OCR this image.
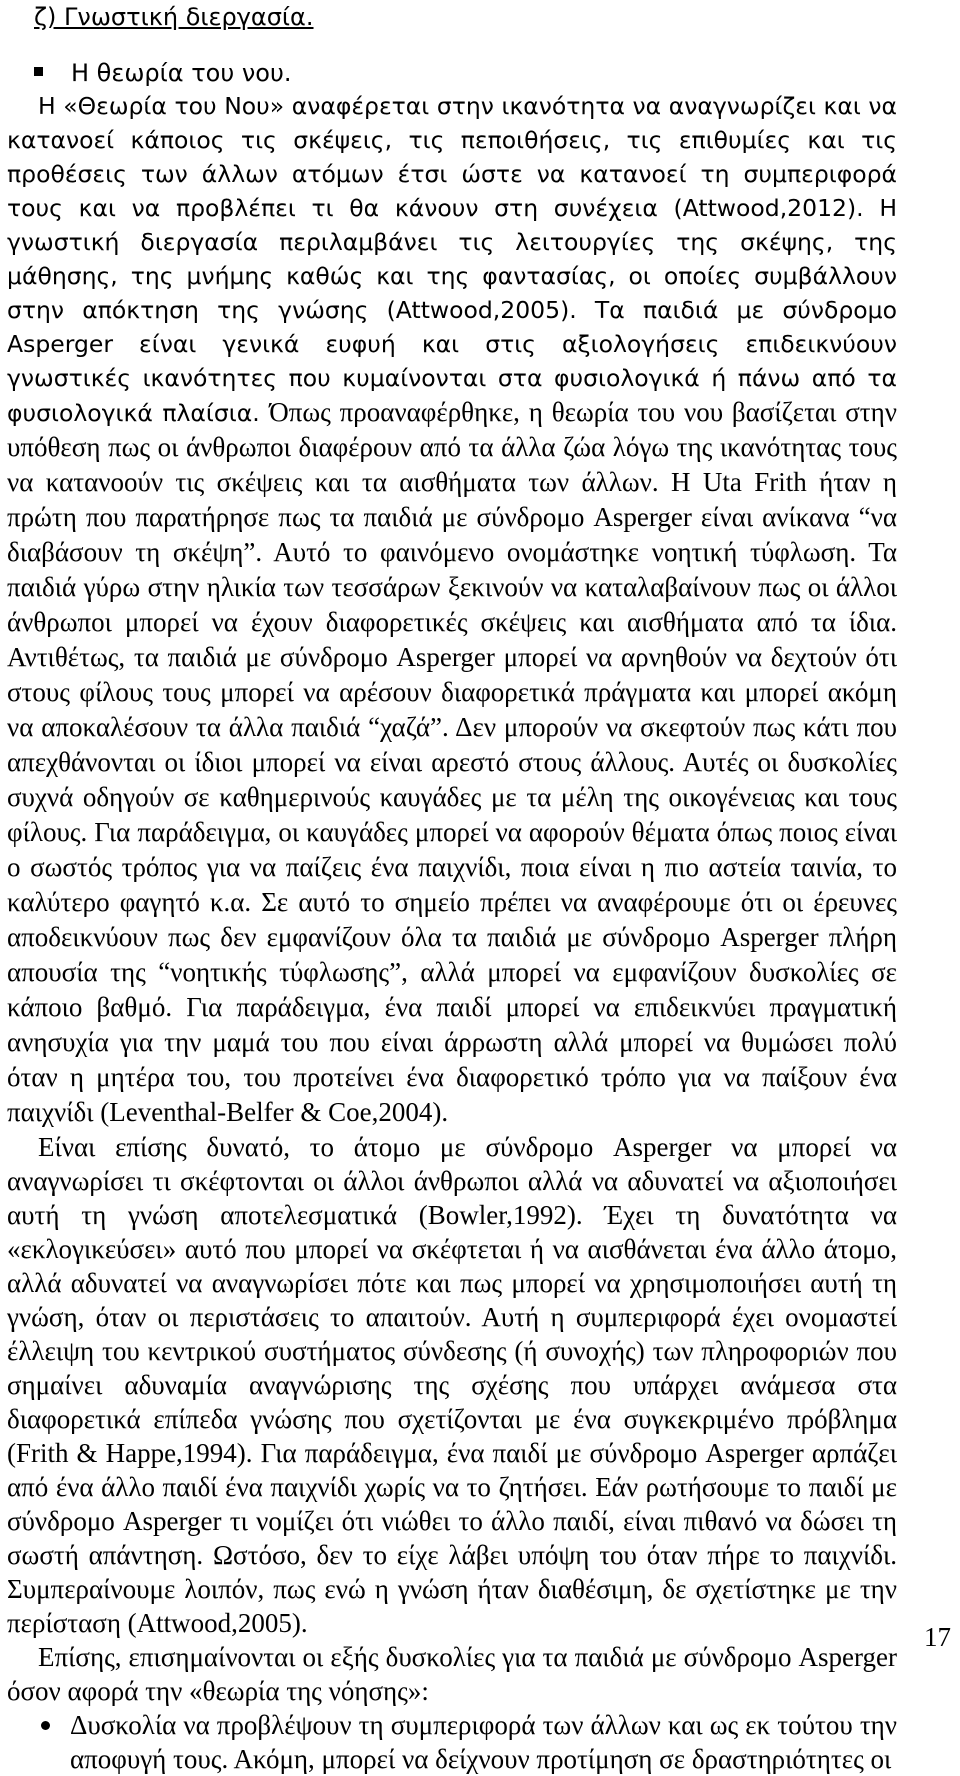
ζ) Γνωστική διεργασία.
Η θεωρία του νου.

Η «Θεωρία του Νου» αναφέρεται στην ικανότητα να αναγνωρίζει και να κατανοεί κάποιος τις σκέψεις, τις πεποιθήσεις, τις επιθυμίες και τις προθέσεις των άλλων ατόμων έτσι ώστε να κατανοεί τη συμπεριφορά τους και να προβλέπει τι θα κάνουν στη συνέχεια (Attwood,2012). Η γνωστική διεργασία περιλαμβάνει τις λειτουργίες της σκέψης, της μάθησης, της μνήμης καθώς και της φαντασίας, οι οποίες συμβάλλουν στην απόκτηση της γνώσης (Attwood,2005). Τα παιδιά με σύνδρομο Asperger είναι γενικά ευφυή και στις αξιολογήσεις επιδεικνύουν γνωστικές ικανότητες που κυμαίνονται στα φυσιολογικά ή πάνω από τα φυσιολογικά πλαίσια. Όπως προαναφέρθηκε, η θεωρία του νου βασίζεται στην υπόθεση πως οι άνθρωποι διαφέρουν από τα άλλα ζώα λόγω της ικανότητας τους να κατανοούν τις σκέψεις και τα αισθήματα των άλλων. Η Uta Frith ήταν η πρώτη που παρατήρησε πως τα παιδιά με σύνδρομο Asperger είναι ανίκανα “να διαβάσουν τη σκέψη”. Αυτό το φαινόμενο ονομάστηκε νοητική τύφλωση. Τα παιδιά γύρω στην ηλικία των τεσσάρων ξεκινούν να καταλαβαίνουν πως οι άλλοι άνθρωποι μπορεί να έχουν διαφορετικές σκέψεις και αισθήματα από τα ίδια. Αντιθέτως, τα παιδιά με σύνδρομο Asperger μπορεί να αρνηθούν να δεχτούν ότι στους φίλους τους μπορεί να αρέσουν διαφορετικά πράγματα και μπορεί ακόμη να αποκαλέσουν τα άλλα παιδιά “χαζά”. Δεν μπορούν να σκεφτούν πως κάτι που απεχθάνονται οι ίδιοι μπορεί να είναι αρεστό στους άλλους. Αυτές οι δυσκολίες συχνά οδηγούν σε καθημερινούς καυγάδες με τα μέλη της οικογένειας και τους φίλους. Για παράδειγμα, οι καυγάδες μπορεί να αφορούν θέματα όπως ποιος είναι ο σωστός τρόπος για να παίζεις ένα παιχνίδι, ποια είναι η πιο αστεία ταινία, το καλύτερο φαγητό κ.α. Σε αυτό το σημείο πρέπει να αναφέρουμε ότι οι έρευνες αποδεικνύουν πως δεν εμφανίζουν όλα τα παιδιά με σύνδρομο Asperger πλήρη απουσία της “νοητικής τύφλωσης”, αλλά μπορεί να εμφανίζουν δυσκολίες σε κάποιο βαθμό. Για παράδειγμα, ένα παιδί μπορεί να επιδεικνύει πραγματική ανησυχία για την μαμά του που είναι άρρωστη αλλά μπορεί να θυμώσει πολύ όταν η μητέρα του, του προτείνει ένα διαφορετικό τρόπο για να παίξουν ένα παιχνίδι (Leventhal-Belfer & Coe,2004).

Είναι επίσης δυνατό, το άτομο με σύνδρομο Asperger να μπορεί να αναγνωρίσει τι σκέφτονται οι άλλοι άνθρωποι αλλά να αδυνατεί να αξιοποιήσει αυτή τη γνώση αποτελεσματικά (Bowler,1992). Έχει τη δυνατότητα να «εκλογικεύσει» αυτό που μπορεί να σκέφτεται ή να αισθάνεται ένα άλλο άτομο, αλλά αδυνατεί να αναγνωρίσει πότε και πως μπορεί να χρησιμοποιήσει αυτή τη γνώση, όταν οι περιστάσεις το απαιτούν. Αυτή η συμπεριφορά έχει ονομαστεί έλλειψη του κεντρικού συστήματος σύνδεσης (ή συνοχής) των πληροφοριών που σημαίνει αδυναμία αναγνώρισης της σχέσης που υπάρχει ανάμεσα στα διαφορετικά επίπεδα γνώσης που σχετίζονται με ένα συγκεκριμένο πρόβλημα (Frith & Happe,1994). Για παράδειγμα, ένα παιδί με σύνδρομο Asperger αρπάζει από ένα άλλο παιδί ένα παιχνίδι χωρίς να το ζητήσει. Εάν ρωτήσουμε το παιδί με σύνδρομο Asperger τι νομίζει ότι νιώθει το άλλο παιδί, είναι πιθανό να δώσει τη σωστή απάντηση. Ωστόσο, δεν το είχε λάβει υπόψη του όταν πήρε το παιχνίδι. Συμπεραίνουμε λοιπόν, πως ενώ η γνώση ήταν διαθέσιμη, δε σχετίστηκε με την περίσταση (Attwood,2005).

Επίσης, επισημαίνονται οι εξής δυσκολίες για τα παιδιά με σύνδρομο Asperger όσον αφορά την «θεωρία της νόησης»:

Δυσκολία να προβλέψουν τη συμπεριφορά των άλλων και ως εκ τούτου την αποφυγή τους. Ακόμη, μπορεί να δείχνουν προτίμηση σε δραστηριότητες οι
17
